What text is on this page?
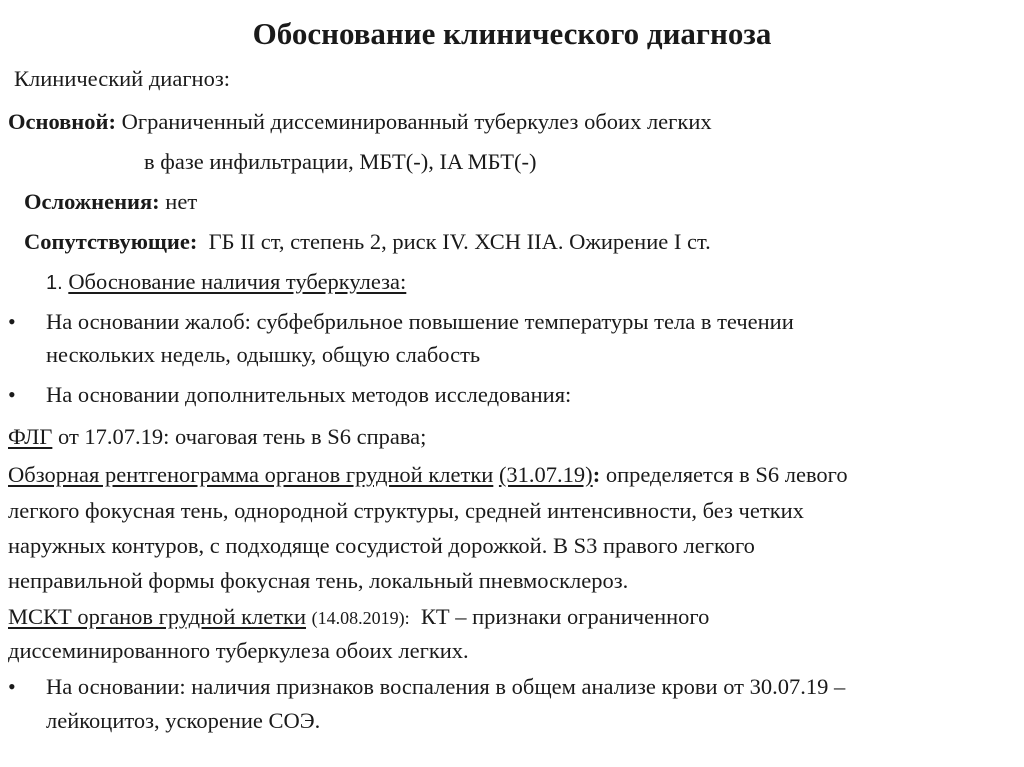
Обоснование клинического диагноза
Клинический диагноз:
Основной: Ограниченный диссеминированный туберкулез обоих легких
в фазе инфильтрации, МБТ(-), IA МБТ(-)
Осложнения: нет
Сопутствующие: ГБ II ст, степень 2, риск IV. ХСН IIA. Ожирение I ст.
1. Обоснование наличия туберкулеза:
• На основании жалоб: субфебрильное повышение температуры тела в течении
нескольких недель, одышку, общую слабость
• На основании дополнительных методов исследования:
ФЛГ от 17.07.19: очаговая тень в S6 справа;
Обзорная рентгенограмма органов грудной клетки (31.07.19): определяется в S6 левого
легкого фокусная тень, однородной структуры, средней интенсивности, без четких
наружных контуров, с подходяще сосудистой дорожкой. В S3 правого легкого
неправильной формы фокусная тень, локальный пневмосклероз.
МСКТ органов грудной клетки (14.08.2019): КТ – признаки ограниченного
диссеминированного туберкулеза обоих легких.
• На основании: наличия признаков воспаления в общем анализе крови от 30.07.19 –
лейкоцитоз, ускорение СОЭ.
